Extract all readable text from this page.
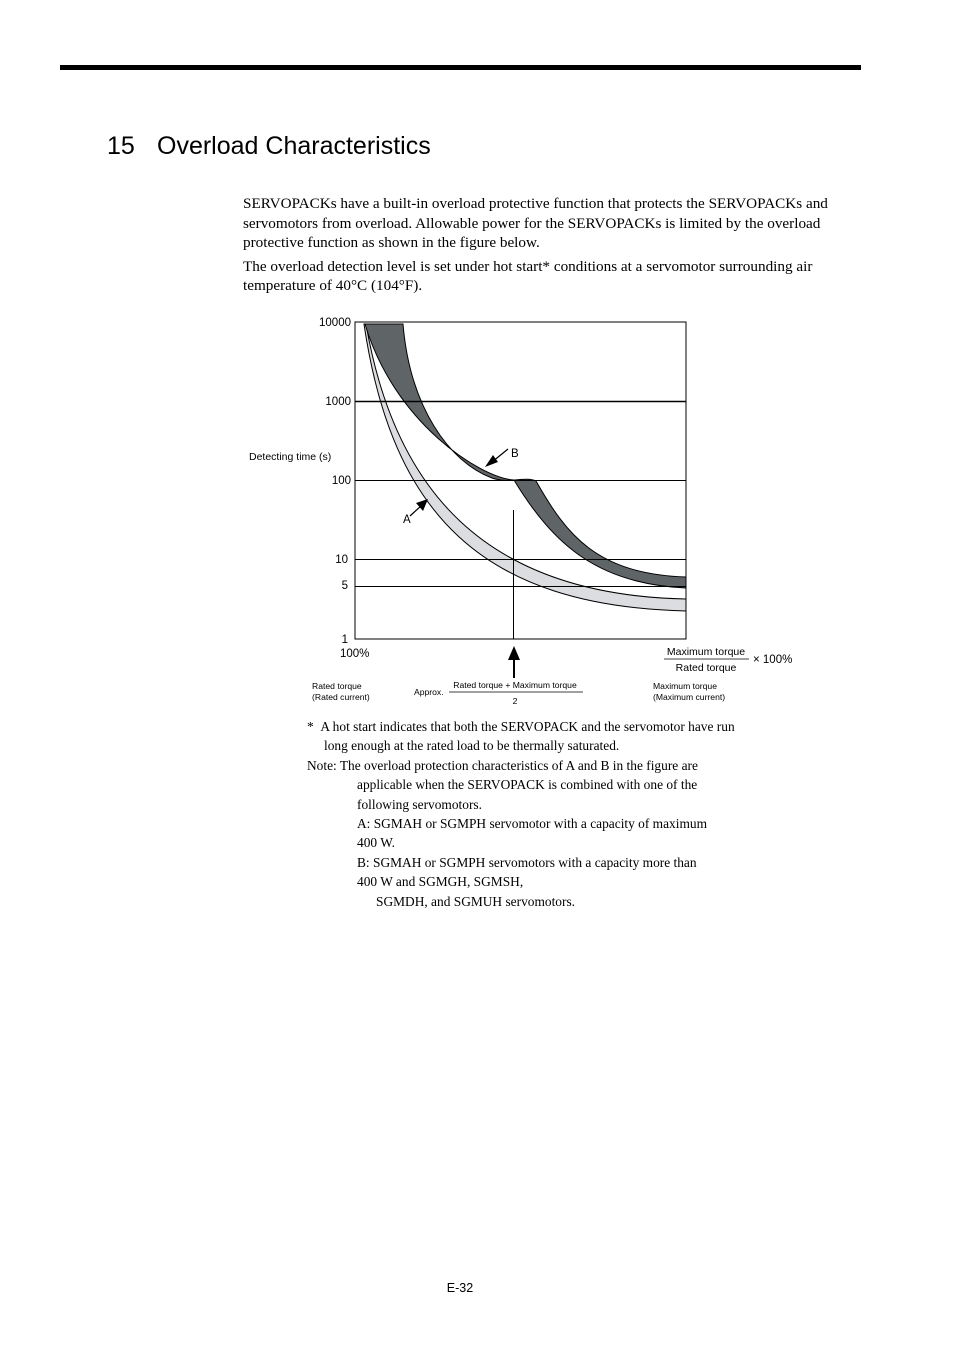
15 Overload Characteristics

SERVOPACKs have a built-in overload protective function that protects the SERVOPACKs and servomotors from overload. Allowable power for the SERVOPACKs is limited by the overload protective function as shown in the figure below.

The overload detection level is set under hot start* conditions at a servomotor surrounding air temperature of 40°C (104°F).

10000
1000
100
10
5
1
Detecting time (s)	B
A
100%	Maximum torque
Rated torque
× 100%
Rated torque
(Rated current)	Approx.
Rated torque + Maximum torque
2
Maximum torque
(Maximum current)

* A hot start indicates that both the SERVOPACK and the servomotor have run long enough at the rated load to be thermally saturated.

Note: The overload protection characteristics of A and B in the figure are

applicable when the SERVOPACK is combined with one of the

following servomotors.

A: SGMAH or SGMPH servomotor with a capacity of maximum

400 W.

B: SGMAH or SGMPH servomotors with a capacity more than

400 W and SGMGH, SGMSH,

SGMDH, and SGMUH servomotors.

E-32
